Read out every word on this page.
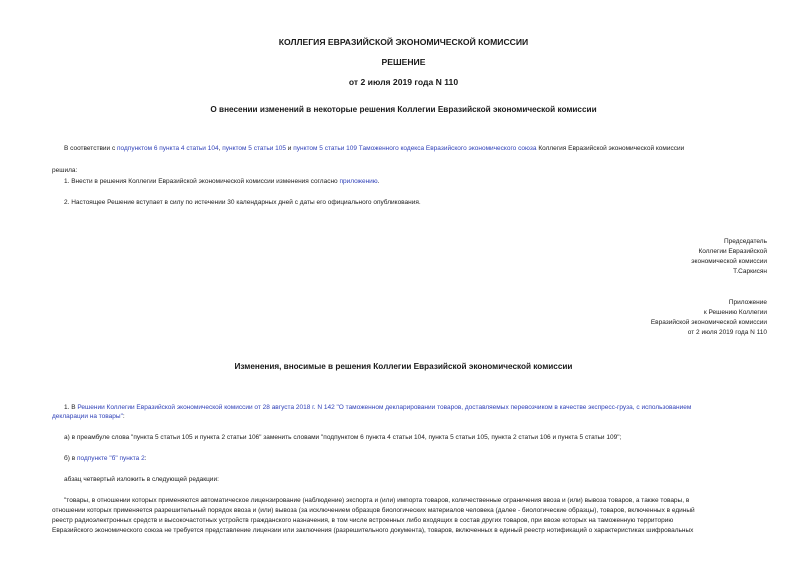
КОЛЛЕГИЯ ЕВРАЗИЙСКОЙ ЭКОНОМИЧЕСКОЙ КОМИССИИ
РЕШЕНИЕ
от 2 июля 2019 года N 110
О внесении изменений в некоторые решения Коллегии Евразийской экономической комиссии
В соответствии с подпунктом 6 пункта 4 статьи 104, пунктом 5 статьи 105 и пунктом 5 статьи 109 Таможенного кодекса Евразийского экономического союза Коллегия Евразийской экономической комиссии
решила:
1. Внести в решения Коллегии Евразийской экономической комиссии изменения согласно приложению.
2. Настоящее Решение вступает в силу по истечении 30 календарных дней с даты его официального опубликования.
Председатель
Коллегии Евразийской
экономической комиссии
Т.Саркисян
Приложение
к Решению Коллегии
Евразийской экономической комиссии
от 2 июля 2019 года N 110
Изменения, вносимые в решения Коллегии Евразийской экономической комиссии
1. В Решении Коллегии Евразийской экономической комиссии от 28 августа 2018 г. N 142 "О таможенном декларировании товаров, доставляемых перевозчиком в качестве экспресс-груза, с использованием
декларации на товары":
а) в преамбуле слова "пункта 5 статьи 105 и пункта 2 статьи 106" заменить словами "подпунктом 6 пункта 4 статьи 104, пункта 5 статьи 105, пункта 2 статьи 106 и пункта 5 статьи 109";
б) в подпункте "б" пункта 2:
абзац четвертый изложить в следующей редакции:
"товары, в отношении которых применяются автоматическое лицензирование (наблюдение) экспорта и (или) импорта товаров, количественные ограничения ввоза и (или) вывоза товаров, а также товары, в
отношении которых применяется разрешительный порядок ввоза и (или) вывоза (за исключением образцов биологических материалов человека (далее - биологические образцы), товаров, включенных в единый
реестр радиоэлектронных средств и высокочастотных устройств гражданского назначения, в том числе встроенных либо входящих в состав других товаров, при ввозе которых на таможенную территорию
Евразийского экономического союза не требуется представление лицензии или заключения (разрешительного документа), товаров, включенных в единый реестр нотификаций о характеристиках шифровальных
